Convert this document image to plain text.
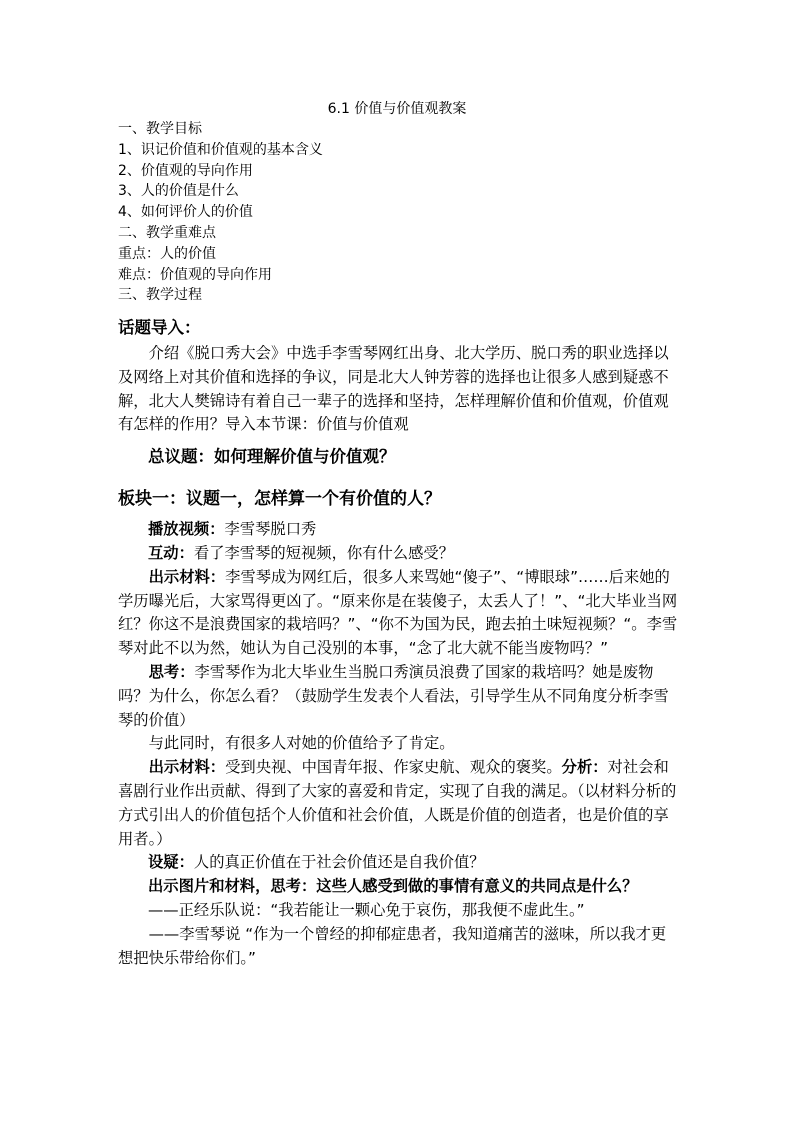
6.1 价值与价值观教案
一、教学目标
1、识记价值和价值观的基本含义
2、价值观的导向作用
3、人的价值是什么
4、如何评价人的价值
二、教学重难点
重点：人的价值
难点：价值观的导向作用
三、教学过程
话题导入：

介绍《脱口秀大会》中选手李雪琴网红出身、北大学历、脱口秀的职业选择以及网络上对其价值和选择的争议，同是北大人钟芳蓉的选择也让很多人感到疑惑不解，北大人樊锦诗有着自己一辈子的选择和坚持，怎样理解价值和价值观，价值观有怎样的作用？导入本节课：价值与价值观

总议题：如何理解价值与价值观？
板块一：议题一，怎样算一个有价值的人？
播放视频：李雪琴脱口秀
互动：看了李雪琴的短视频，你有什么感受？

出示材料：李雪琴成为网红后，很多人来骂她“傻子”、“博眼球”……后来她的学历曝光后，大家骂得更凶了。“原来你是在装傻子，太丢人了！”、“北大毕业当网红？你这不是浪费国家的栽培吗？”、“你不为国为民，跑去拍土味短视频？“。李雪琴对此不以为然，她认为自己没别的本事，“念了北大就不能当废物吗？”

思考：李雪琴作为北大毕业生当脱口秀演员浪费了国家的栽培吗？她是废物吗？为什么，你怎么看？（鼓励学生发表个人看法，引导学生从不同角度分析李雪琴的价值）

与此同时，有很多人对她的价值给予了肯定。

出示材料：受到央视、中国青年报、作家史航、观众的褒奖。分析：对社会和喜剧行业作出贡献、得到了大家的喜爱和肯定，实现了自我的满足。（以材料分析的方式引出人的价值包括个人价值和社会价值，人既是价值的创造者，也是价值的享用者。）

设疑：人的真正价值在于社会价值还是自我价值？
出示图片和材料，思考：这些人感受到做的事情有意义的共同点是什么？
——正经乐队说：“我若能让一颗心免于哀伤，那我便不虚此生。”

——李雪琴说 “作为一个曾经的抑郁症患者，我知道痛苦的滋味，所以我才更想把快乐带给你们。”
